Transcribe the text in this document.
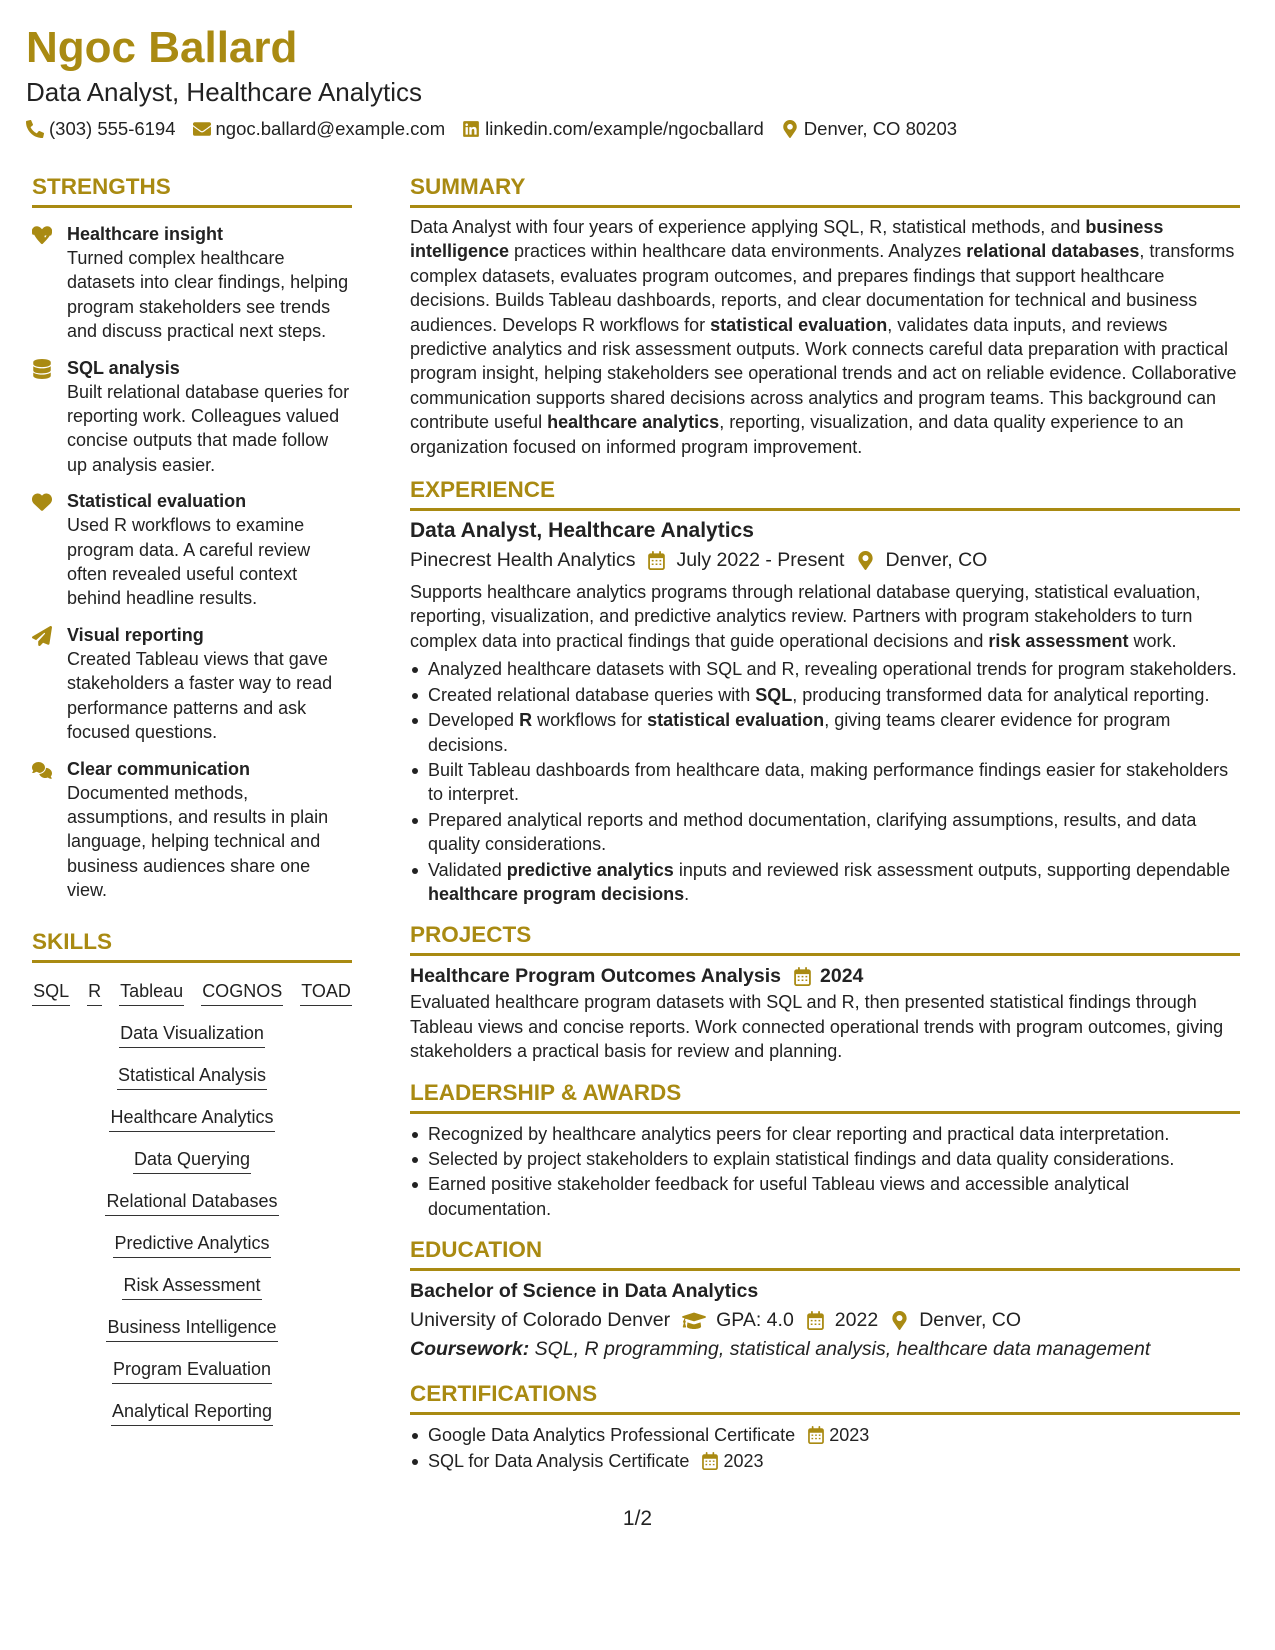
Ngoc Ballard
Data Analyst, Healthcare Analytics
(303) 555-6194 ngoc.ballard@example.com linkedin.com/example/ngocballard Denver, CO 80203
STRENGTHS
Healthcare insight
Turned complex healthcare datasets into clear findings, helping program stakeholders see trends and discuss practical next steps.
SQL analysis
Built relational database queries for reporting work. Colleagues valued concise outputs that made follow up analysis easier.
Statistical evaluation
Used R workflows to examine program data. A careful review often revealed useful context behind headline results.
Visual reporting
Created Tableau views that gave stakeholders a faster way to read performance patterns and ask focused questions.
Clear communication
Documented methods, assumptions, and results in plain language, helping technical and business audiences share one view.
SKILLS
SQL R Tableau COGNOS TOAD
Data Visualization
Statistical Analysis
Healthcare Analytics
Data Querying
Relational Databases
Predictive Analytics
Risk Assessment
Business Intelligence
Program Evaluation
Analytical Reporting
SUMMARY
Data Analyst with four years of experience applying SQL, R, statistical methods, and business intelligence practices within healthcare data environments. Analyzes relational databases, transforms complex datasets, evaluates program outcomes, and prepares findings that support healthcare decisions. Builds Tableau dashboards, reports, and clear documentation for technical and business audiences. Develops R workflows for statistical evaluation, validates data inputs, and reviews predictive analytics and risk assessment outputs. Work connects careful data preparation with practical program insight, helping stakeholders see operational trends and act on reliable evidence. Collaborative communication supports shared decisions across analytics and program teams. This background can contribute useful healthcare analytics, reporting, visualization, and data quality experience to an organization focused on informed program improvement.
EXPERIENCE
Data Analyst, Healthcare Analytics
Pinecrest Health Analytics July 2022 - Present Denver, CO
Supports healthcare analytics programs through relational database querying, statistical evaluation, reporting, visualization, and predictive analytics review. Partners with program stakeholders to turn complex data into practical findings that guide operational decisions and risk assessment work.
Analyzed healthcare datasets with SQL and R, revealing operational trends for program stakeholders.
Created relational database queries with SQL, producing transformed data for analytical reporting.
Developed R workflows for statistical evaluation, giving teams clearer evidence for program decisions.
Built Tableau dashboards from healthcare data, making performance findings easier for stakeholders to interpret.
Prepared analytical reports and method documentation, clarifying assumptions, results, and data quality considerations.
Validated predictive analytics inputs and reviewed risk assessment outputs, supporting dependable healthcare program decisions.
PROJECTS
Healthcare Program Outcomes Analysis 2024
Evaluated healthcare program datasets with SQL and R, then presented statistical findings through Tableau views and concise reports. Work connected operational trends with program outcomes, giving stakeholders a practical basis for review and planning.
LEADERSHIP & AWARDS
Recognized by healthcare analytics peers for clear reporting and practical data interpretation.
Selected by project stakeholders to explain statistical findings and data quality considerations.
Earned positive stakeholder feedback for useful Tableau views and accessible analytical documentation.
EDUCATION
Bachelor of Science in Data Analytics
University of Colorado Denver GPA: 4.0 2022 Denver, CO
Coursework: SQL, R programming, statistical analysis, healthcare data management
CERTIFICATIONS
Google Data Analytics Professional Certificate 2023
SQL for Data Analysis Certificate 2023
1/2
